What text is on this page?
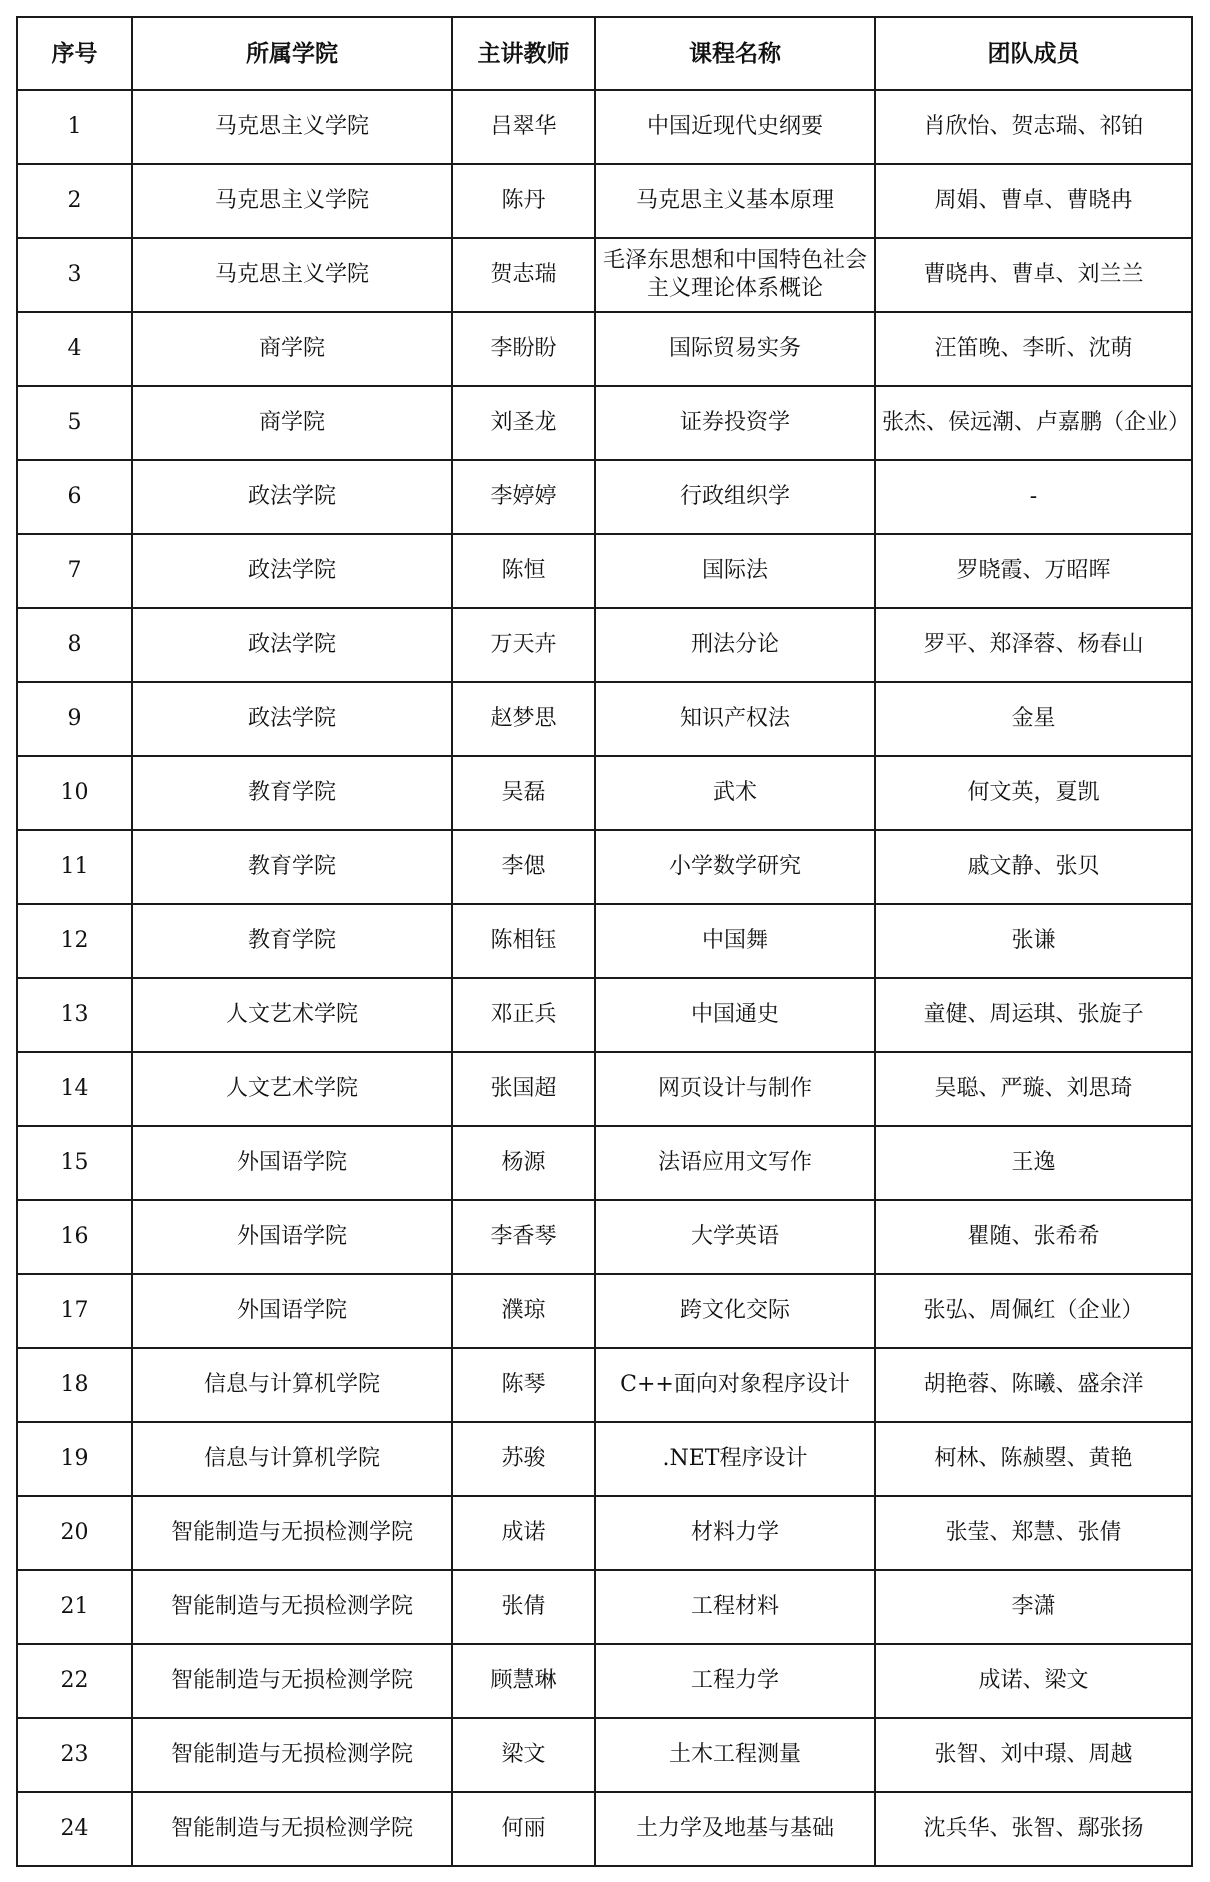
序号	所属学院	主讲教师	课程名称	团队成员
1	马克思主义学院	吕翠华	中国近现代史纲要	肖欣怡、贺志瑞、祁铂
2	马克思主义学院	陈丹	马克思主义基本原理	周娟、曹卓、曹晓冉
3	马克思主义学院	贺志瑞	毛泽东思想和中国特色社会主义理论体系概论	曹晓冉、曹卓、刘兰兰
4	商学院	李盼盼	国际贸易实务	汪笛晚、李昕、沈萌
5	商学院	刘圣龙	证券投资学	张杰、侯远潮、卢嘉鹏（企业）
6	政法学院	李婷婷	行政组织学	-
7	政法学院	陈恒	国际法	罗晓霞、万昭晖
8	政法学院	万天卉	刑法分论	罗平、郑泽蓉、杨春山
9	政法学院	赵梦思	知识产权法	金星
10	教育学院	吴磊	武术	何文英，夏凯
11	教育学院	李偲	小学数学研究	戚文静、张贝
12	教育学院	陈相钰	中国舞	张谦
13	人文艺术学院	邓正兵	中国通史	童健、周运琪、张旋子
14	人文艺术学院	张国超	网页设计与制作	吴聪、严璇、刘思琦
15	外国语学院	杨源	法语应用文写作	王逸
16	外国语学院	李香琴	大学英语	瞿随、张希希
17	外国语学院	濮琼	跨文化交际	张弘、周佩红（企业）
18	信息与计算机学院	陈琴	C++面向对象程序设计	胡艳蓉、陈曦、盛余洋
19	信息与计算机学院	苏骏	.NET程序设计	柯林、陈赪曌、黄艳
20	智能制造与无损检测学院	成诺	材料力学	张莹、郑慧、张倩
21	智能制造与无损检测学院	张倩	工程材料	李潇
22	智能制造与无损检测学院	顾慧琳	工程力学	成诺、梁文
23	智能制造与无损检测学院	梁文	土木工程测量	张智、刘中璟、周越
24	智能制造与无损检测学院	何丽	土力学及地基与基础	沈兵华、张智、鄢张扬
